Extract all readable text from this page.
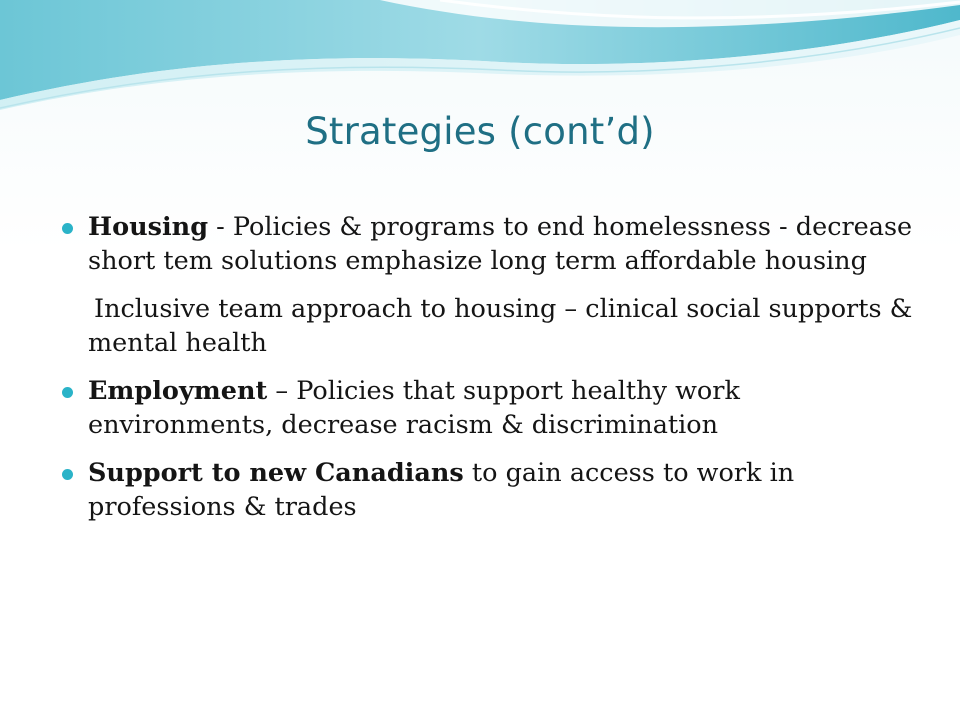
Strategies (cont’d)

Housing - Policies & programs to end homelessness - decrease short tem solutions emphasize long term affordable housing

Inclusive team approach to housing – clinical social supports & mental health

Employment – Policies that support healthy work environments, decrease racism & discrimination

Support to new Canadians to gain access to work in professions & trades
